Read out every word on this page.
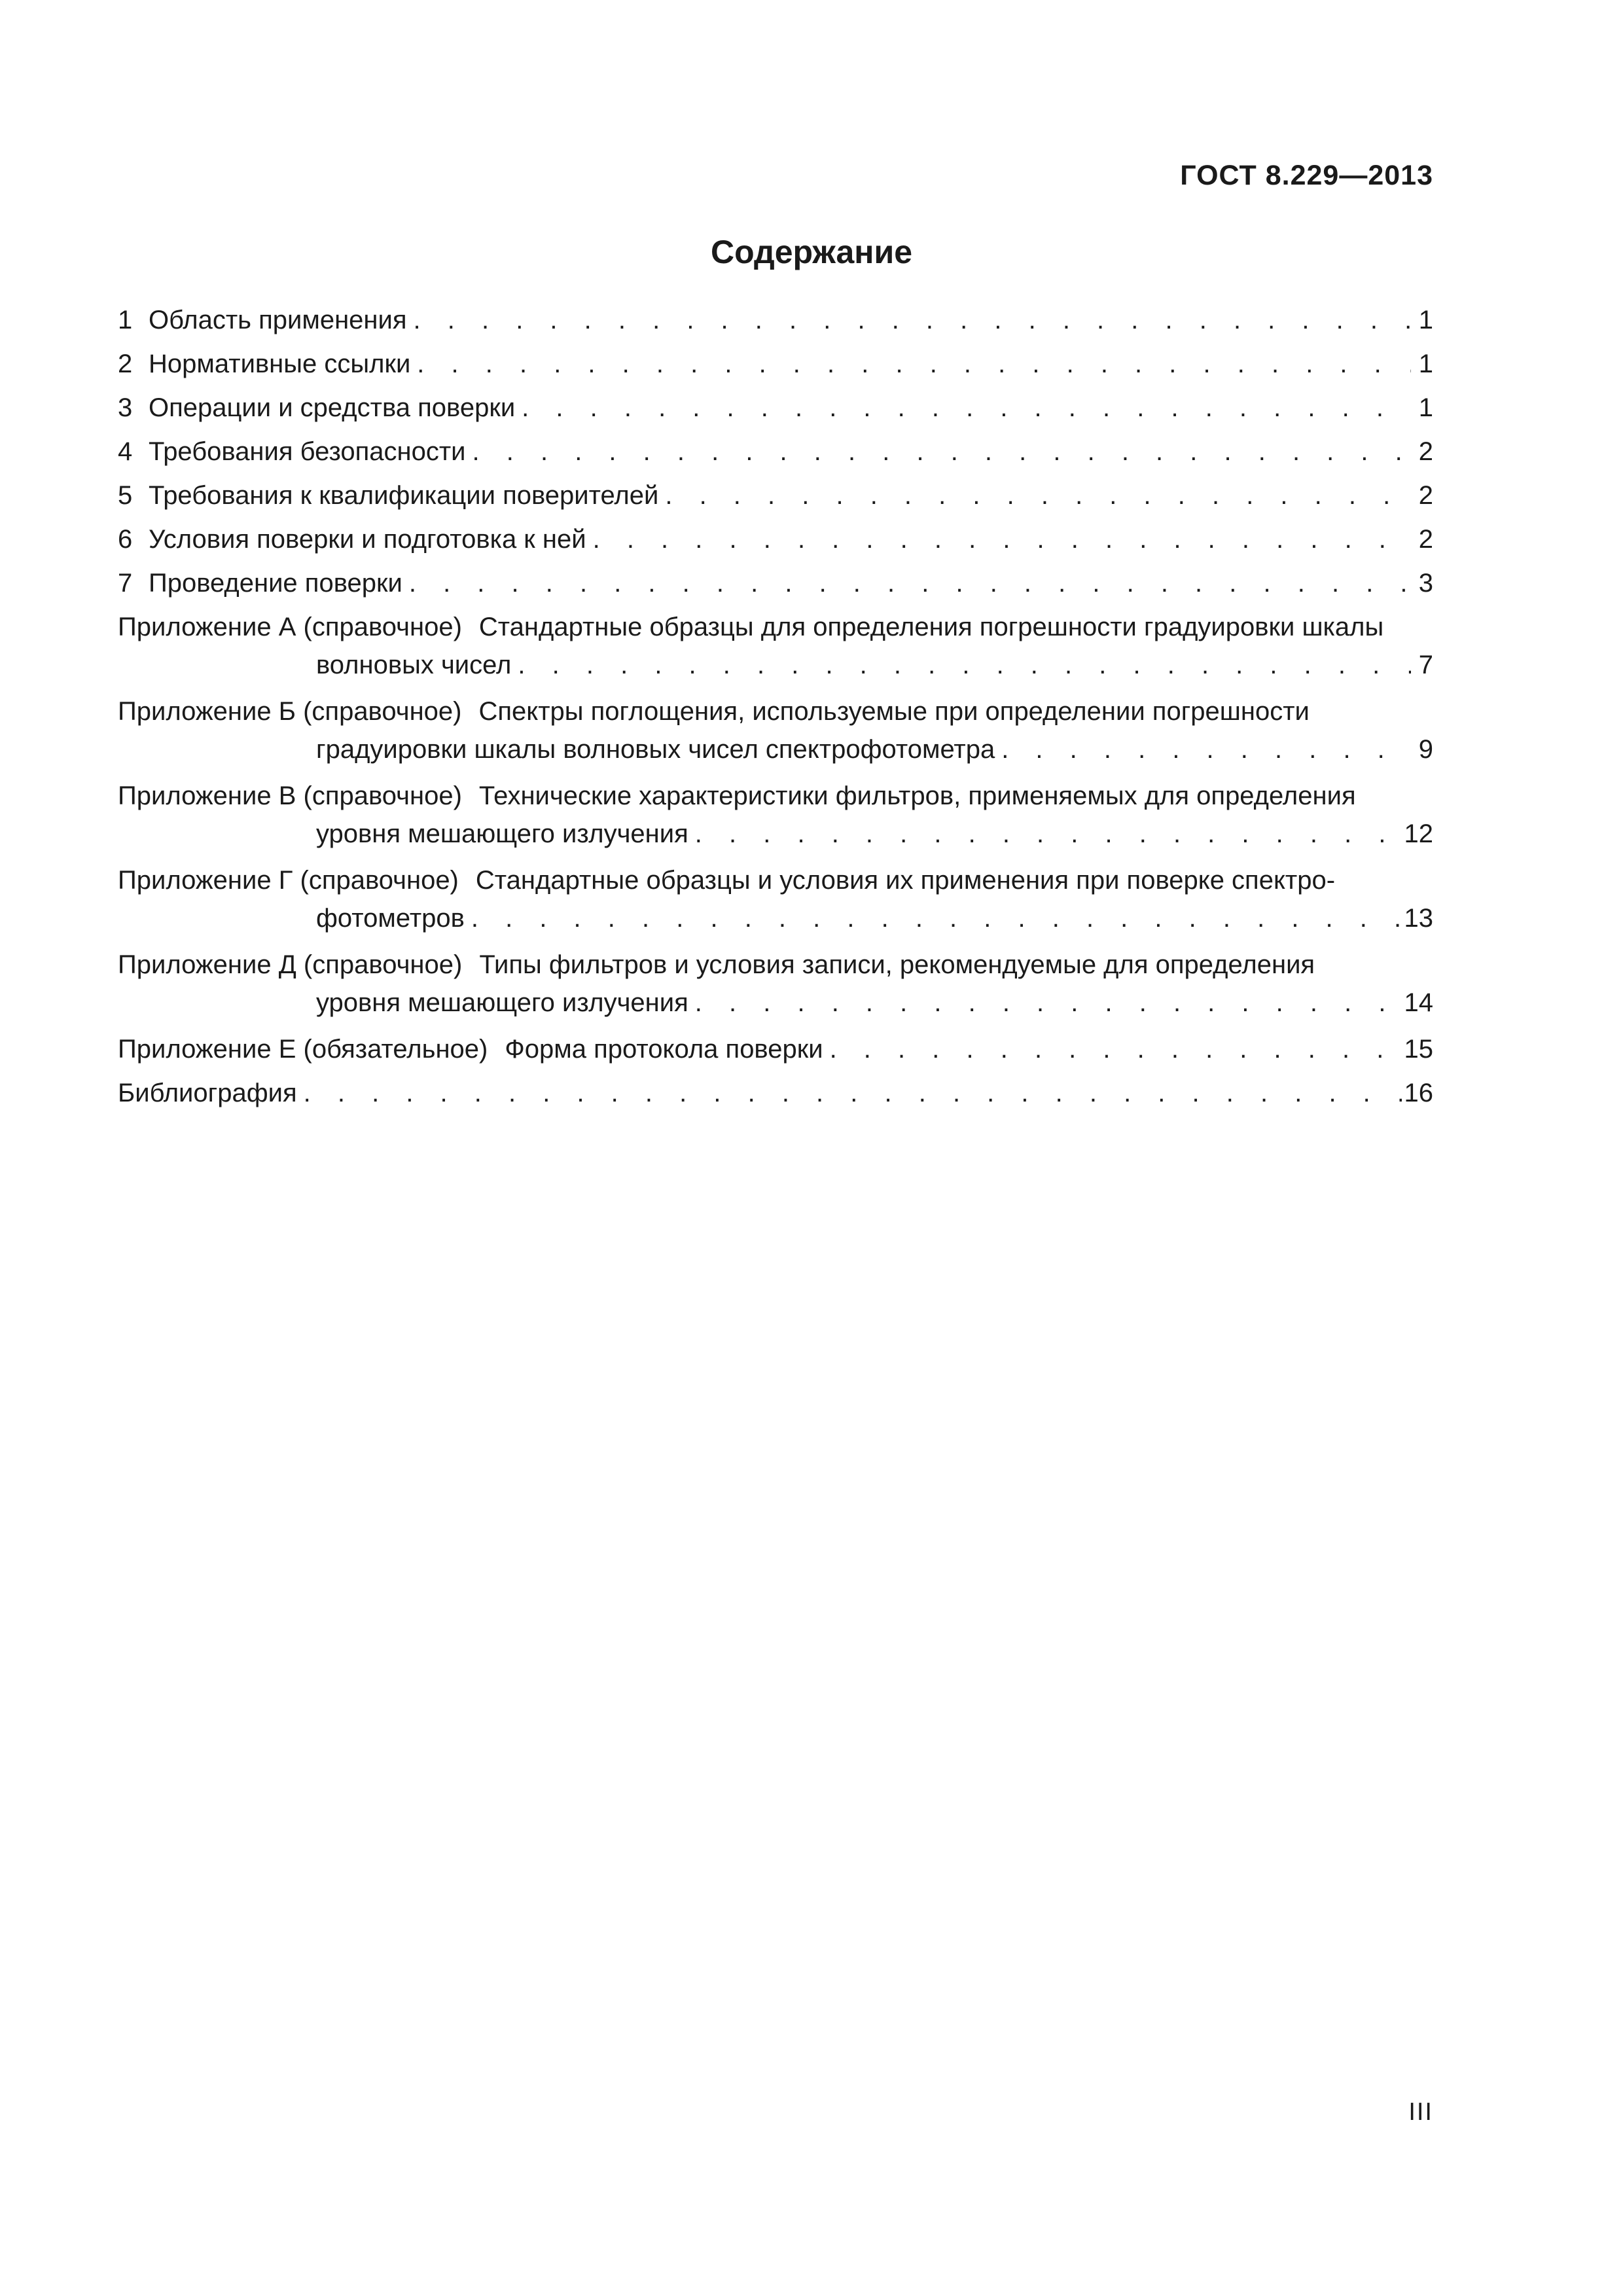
ГОСТ 8.229—2013
Содержание
1 Область применения . . .	1
2 Нормативные ссылки . . .	1
3 Операции и средства поверки . . .	1
4 Требования безопасности . . .	2
5 Требования к квалификации поверителей . . .	2
6 Условия поверки и подготовка к ней . . .	2
7 Проведение поверки . . .	3
Приложение А (справочное) Стандартные образцы для определения погрешности градуировки шкалы
волновых чисел . . .	7
Приложение Б (справочное) Спектры поглощения, используемые при определении погрешности
градуировки шкалы волновых чисел спектрофотометра . . .	9
Приложение В (справочное) Технические характеристики фильтров, применяемых для определения
уровня мешающего излучения . . .	12
Приложение Г (справочное) Стандартные образцы и условия их применения при поверке спектро-
фотометров . . .	13
Приложение Д (справочное) Типы фильтров и условия записи, рекомендуемые для определения
уровня мешающего излучения . . .	14
Приложение Е (обязательное) Форма протокола поверки . . .	15
Библиография . . .	16
III
